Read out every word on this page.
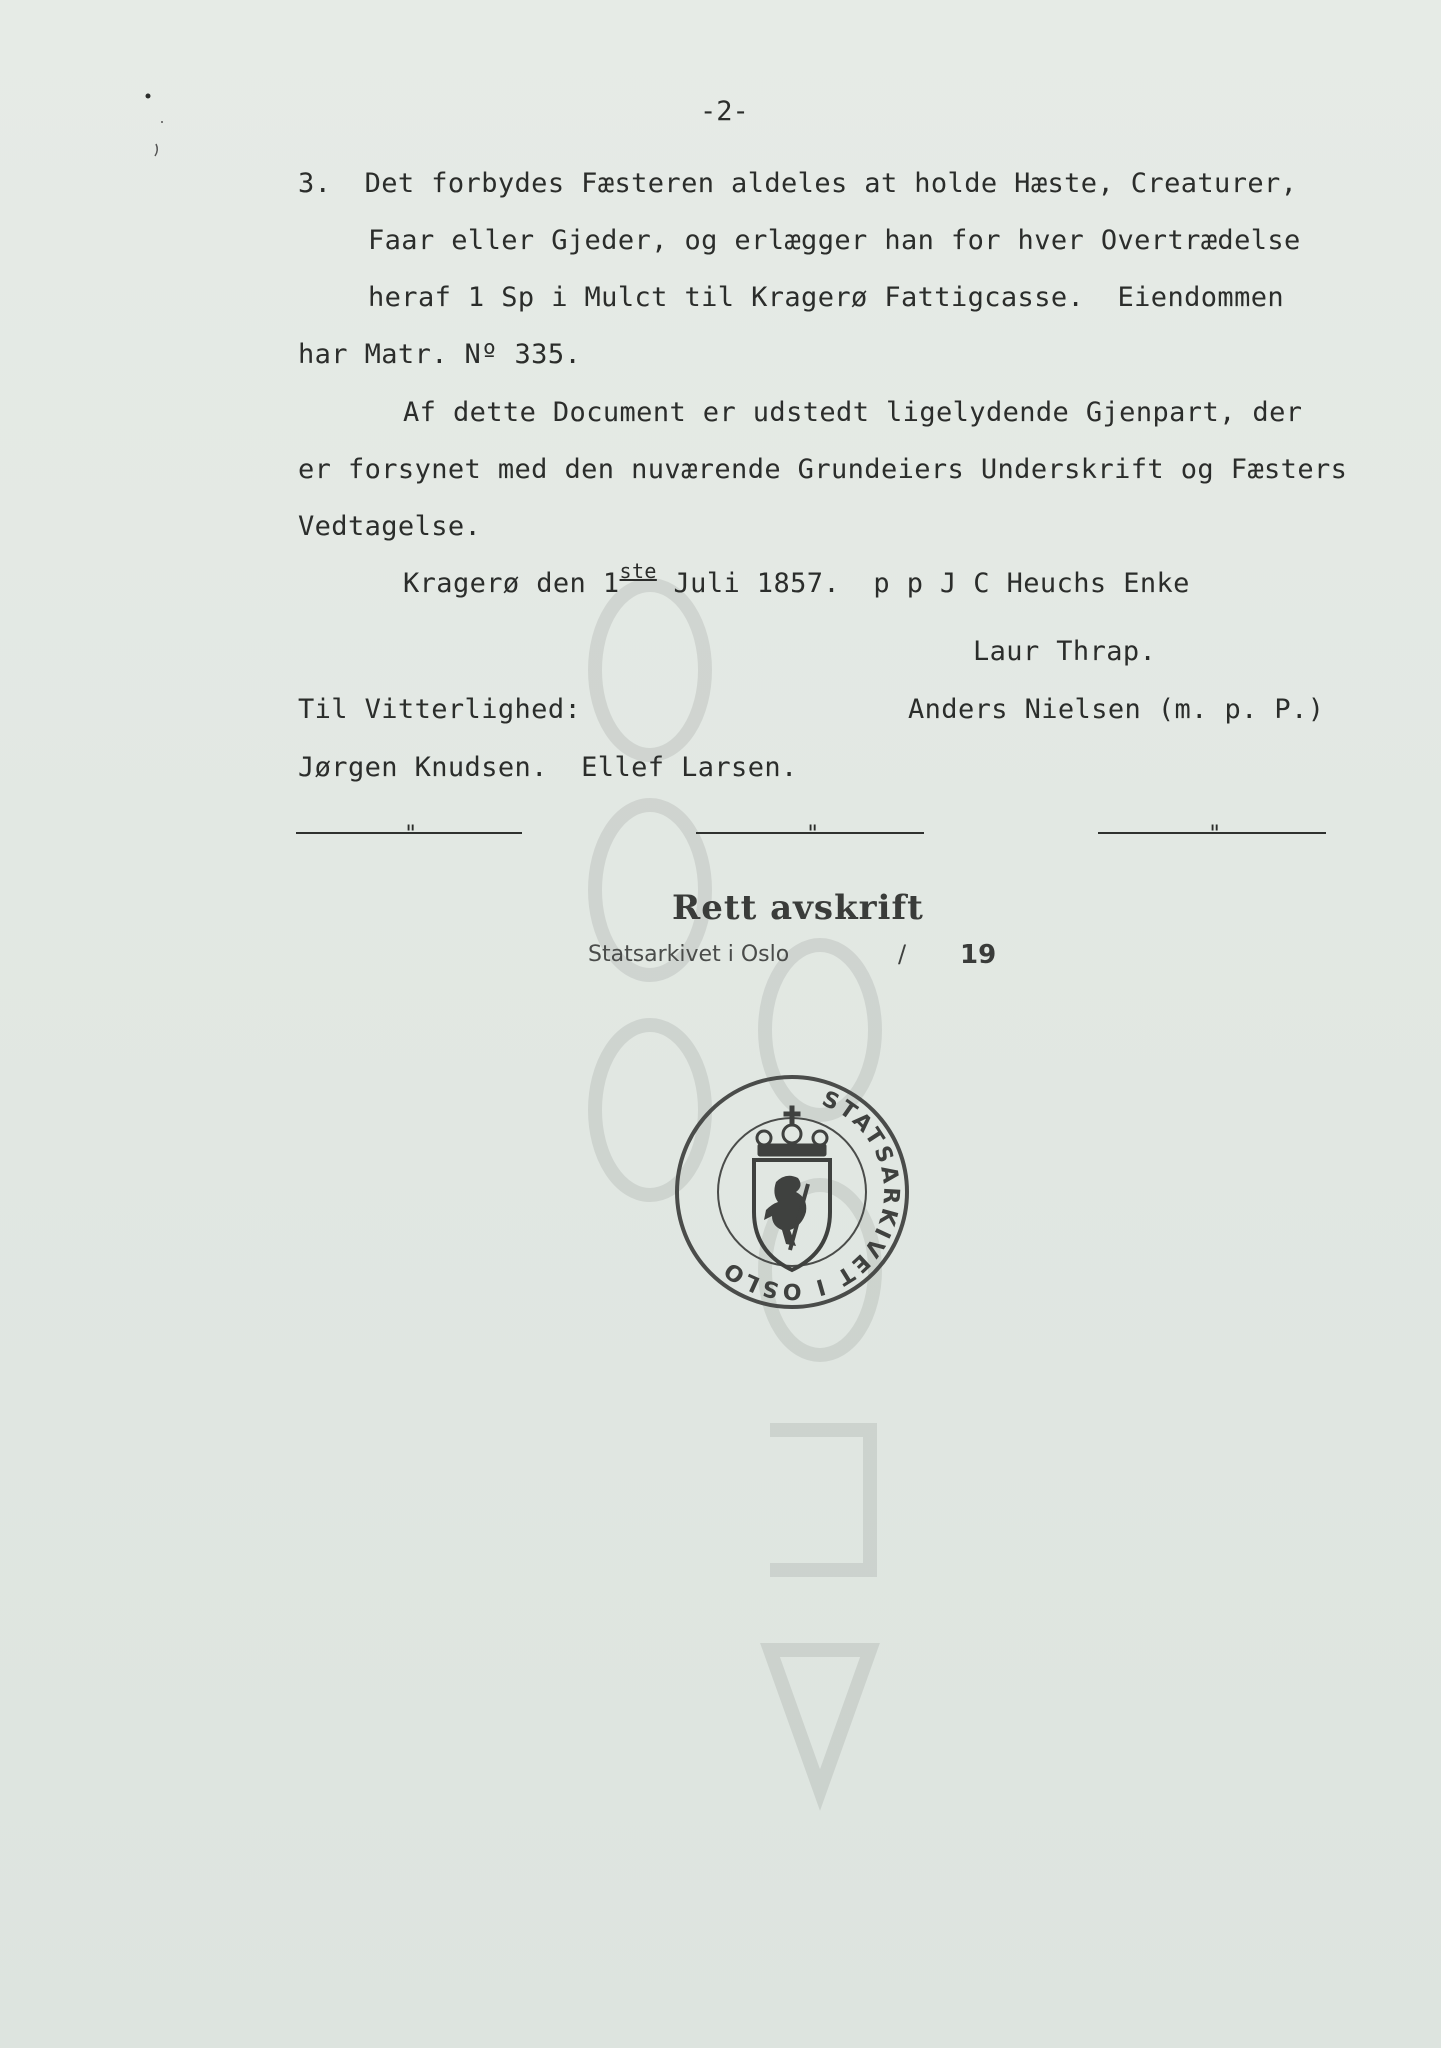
-2-
3.  Det forbydes Fæsteren aldeles at holde Hæste, Creaturer,
Faar eller Gjeder, og erlægger han for hver Overtrædelse
heraf 1 Sp i Mulct til Kragerø Fattigcasse.  Eiendommen
har Matr. Nº 335.
Af dette Document er udstedt ligelydende Gjenpart, der
er forsynet med den nuværende Grundeiers Underskrift og Fæsters
Vedtagelse.
Kragerø den 1ste Juli 1857.  p p J C Heuchs Enke
Laur Thrap.
Til Vitterlighed:	Anders Nielsen (m. p. P.)
Jørgen Knudsen.  Ellef Larsen.
"	"	"
Rett avskrift
Statsarkivet i Oslo	/ 19
STATSARKIVET I OSLO
